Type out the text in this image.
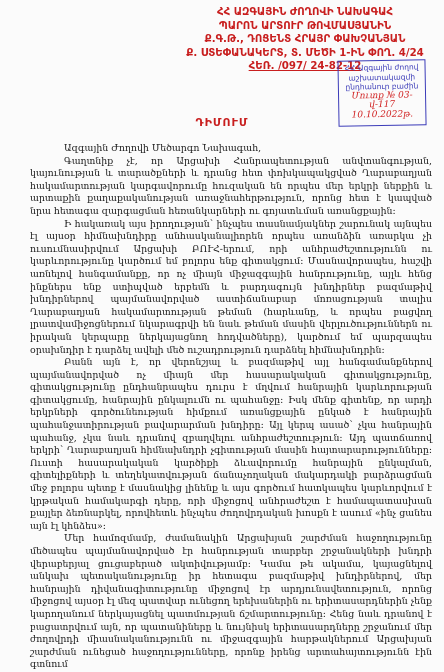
ՀՀ ԱԶԳԱՅԻՆ ԺՈՂՈՎԻ ՆԱԽԱԳԱՀ
ՊԱՐՈՆ ԱՐՏՈՒՐ ԹՈՎՄԱՍՅԱՆԻՆ
Ք.Գ.Թ., ԴՈՑԵՆՏ ՀՐԱՅՐ ՓԱԽՉԱՆՅԱՆ
Ք. ՍՏԵՓԱՆԱԿԵՐՏ, Տ. ՄԵԾԻ 1-ԻՆ ՓՈՂ. 4/24
ՀԵՌ. /097/ 24-82-12
ՀՀ Ազգային ժողով
աշխատակազմի
ընդհանուր բաժին
Մուտք № 03-վ-117
10.10.2022թ.
ԴԻՄՈՒՄ

Ազգային Ժողովի Մեծարգո Նախագահ,

Գաղտնիք չէ, որ Արցախի Հանրապետության անվտանգության, կայունության և տարածքների և դրանց հետ փոխկապակցված Ղարաբաղյան հակամարտության կարգավորումը հուզական են որպես մեր երկրի ներքին և արտաքին քաղաքականության առաջնահերթություն, որոնց հետ է կապված նրա հետագա զարգացման հեռանկարների ու գոյատևման առանցքային:

Ի հակառակ այս իրողության՝ ինչպես տասնամյակներ շարունակ այնպես էլ այսօր հիմնախնդիրը անհասկանալիորեն որպես առանձին առարկա չի ուսումնասիրվում Արցախի ԲՈՒՀ-երում, որի անհրաժեշտությունն ու կարևորությունը կարծում եմ բոլորս ենք գիտակցում: Մասնավորապես, հաշվի առնելով հանգամանքը, որ ոչ միայն միջազգային հանրությունը, այլև հենց ինքներս ենք ստիպված երբեմն և բարդագույն խնդիրներ բազմաթիվ խնդիրներով պայմանավորված աստիճանաբար մոռացության տալիս Ղարաբաղյան հակամարտության թեման (հարևանը, և որպես բացվող լրատվամիջոցներում նկարագրվի են նաև թեման մասին վերլուծություններն ու իրական կերպարը ներկայացնող հոդվածները), կարծում եմ պարզապես օրախնդիր է դարձել ավելի մեծ ուշադրություն դարձնել հիմնախնդրին:

Բանն այն է, որ վերոնշյալ և բազմաթիվ այլ հանգամանքներով պայմանավորված ոչ միայն մեր հասարակական գիտակցությունը, գիտակցությունը ընդհանրապես դուրս է մղվում հանրային կարևորության գիտակցումը, հանրային ընկալումն ու պահանջը: Իսկ մենք գիտենք, որ արդի երկրների գործունեության հիմքում առանցքային ընկած է հանրային պահանջատիրության բավարարման խնդիրը: Այլ կերպ ասած՝ չկա հանրային պահանջ, չկա նաև դրանով զբաղվելու անհրաժեշտություն: Այդ պատճառով երկրի՝ Ղարաբաղյան հիմնախնդրի չգիտության մասին հայտարարությունները: Ուստի հասարակական կարծիքի ձևավորումը հանրային ընկալման, գիտելիքների և տեղեկատվության ճանաչողական մակարդակի բարձրացման մեջ բոլորս պետք է մասնակից լինենք և այս գործում հատկապես կարևորվում է կրթական համակարգի դերը, որի միջոցով անհրաժեշտ է համապատասխան քայլեր ձեռնարկել, որովհետև ինչպես ժողովրդական խոսքն է ասում «ինչ ցանես այն էլ կհնձես»:

Մեր համոզմամբ, ժամանակին Արցախյան շարժման հաջողությունը մեծապես պայմանավորված էր հանրության տարբեր շրջանակների խնդրի վերաբերյալ ցուցաբերած ակտիվությամբ: Կամա թե ակամա, կայացնելով անկախ պետականությունը իր հետագա բազմաթիվ խնդիրներով, մեր հանրային դիվանագիտությունը միջոցով էր արդյունավետություն, որոնց միջոցով այսօր էլ մեզ պատվար ունեցող երեխաներին ու երիտասարդներին չենք կարողանում ներկայացնել պատմության ճշմարտությունը: Հենց նաև դրանով է բացատրվում այն, որ պատանիները և նույնիսկ երիտասարդները շրջանում մեր ժողովրդի միասնականությունն ու միջազգային հարթակներում Արցախյան շարժման ունեցած հաջողությունները, որոնք իրենց արտահայտությունն էին գտնում
